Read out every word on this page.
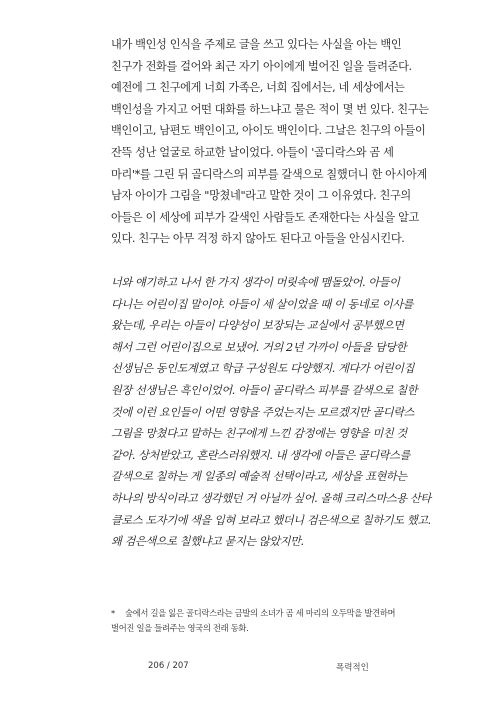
내가 백인성 인식을 주제로 글을 쓰고 있다는 사실을 아는 백인
친구가 전화를 걸어와 최근 자기 아이에게 벌어진 일을 들려준다.
예전에 그 친구에게 너희 가족은, 너희 집에서는, 네 세상에서는
백인성을 가지고 어떤 대화를 하느냐고 물은 적이 몇 번 있다. 친구는
백인이고, 남편도 백인이고, 아이도 백인이다. 그날은 친구의 아들이
잔뜩 성난 얼굴로 하교한 날이었다. 아들이 '골디락스와 곰 세
마리'*를 그린 뒤 골디락스의 피부를 갈색으로 칠했더니 한 아시아계
남자 아이가 그림을 "망쳤네"라고 말한 것이 그 이유였다. 친구의
아들은 이 세상에 피부가 갈색인 사람들도 존재한다는 사실을 알고
있다. 친구는 아무 걱정 하지 않아도 된다고 아들을 안심시킨다.
너와 얘기하고 나서 한 가지 생각이 머릿속에 맴돌았어. 아들이
다니는 어린이집 말이야. 아들이 세 살이었을 때 이 동네로 이사를
왔는데, 우리는 아들이 다양성이 보장되는 교실에서 공부했으면
해서 그런 어린이집으로 보냈어. 거의 2년 가까이 아들을 담당한
선생님은 동인도계였고 학급 구성원도 다양했지. 게다가 어린이집
원장 선생님은 흑인이었어. 아들이 골디락스 피부를 갈색으로 칠한
것에 이런 요인들이 어떤 영향을 주었는지는 모르겠지만 골디락스
그림을 망쳤다고 말하는 친구에게 느낀 감정에는 영향을 미친 것
같아. 상처받았고, 혼란스러워했지. 내 생각에 아들은 골디락스를
갈색으로 칠하는 게 일종의 예술적 선택이라고, 세상을 표현하는
하나의 방식이라고 생각했던 거 아닐까 싶어. 올해 크리스마스용 산타
클로스 도자기에 색을 입혀 보라고 했더니 검은색으로 칠하기도 했고.
왜 검은색으로 칠했냐고 묻지는 않았지만.
* 숲에서 길을 잃은 골디락스라는 금발의 소녀가 곰 세 마리의 오두막을 발견하며
벌어진 일을 들려주는 영국의 전래 동화.
206 / 207	폭력적인
